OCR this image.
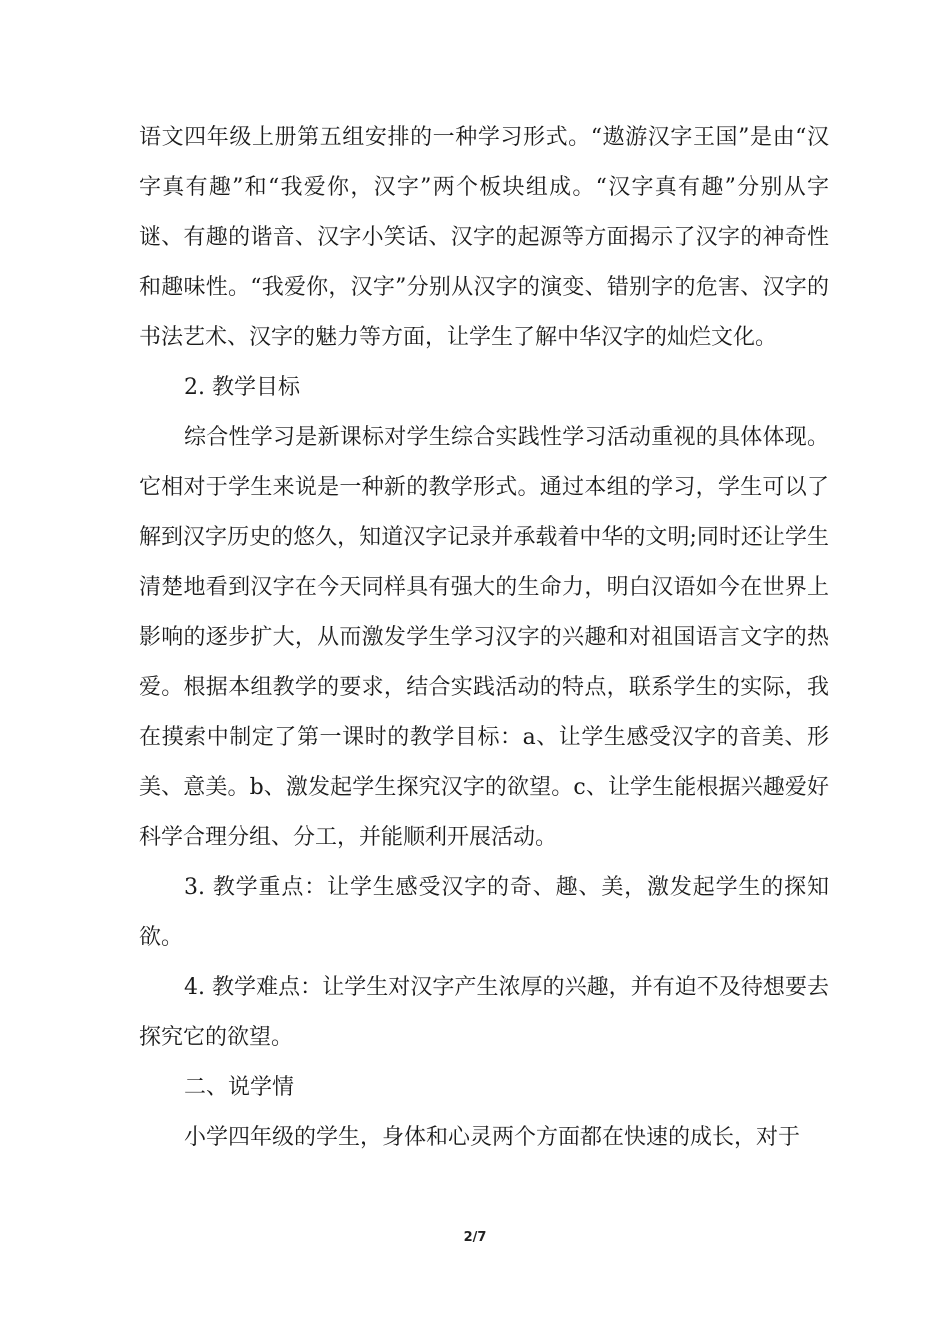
语文四年级上册第五组安排的一种学习形式。“遨游汉字王国”是由“汉字真有趣”和“我爱你，汉字”两个板块组成。“汉字真有趣”分别从字谜、有趣的谐音、汉字小笑话、汉字的起源等方面揭示了汉字的神奇性和趣味性。“我爱你，汉字”分别从汉字的演变、错别字的危害、汉字的书法艺术、汉字的魅力等方面，让学生了解中华汉字的灿烂文化。

2. 教学目标

综合性学习是新课标对学生综合实践性学习活动重视的具体体现。它相对于学生来说是一种新的教学形式。通过本组的学习，学生可以了解到汉字历史的悠久，知道汉字记录并承载着中华的文明;同时还让学生清楚地看到汉字在今天同样具有强大的生命力，明白汉语如今在世界上影响的逐步扩大，从而激发学生学习汉字的兴趣和对祖国语言文字的热爱。根据本组教学的要求，结合实践活动的特点，联系学生的实际，我在摸索中制定了第一课时的教学目标：a、让学生感受汉字的音美、形美、意美。b、激发起学生探究汉字的欲望。c、让学生能根据兴趣爱好科学合理分组、分工，并能顺利开展活动。

3. 教学重点：让学生感受汉字的奇、趣、美，激发起学生的探知欲。

4. 教学难点：让学生对汉字产生浓厚的兴趣，并有迫不及待想要去探究它的欲望。

二、说学情

小学四年级的学生，身体和心灵两个方面都在快速的成长，对于

2/7
